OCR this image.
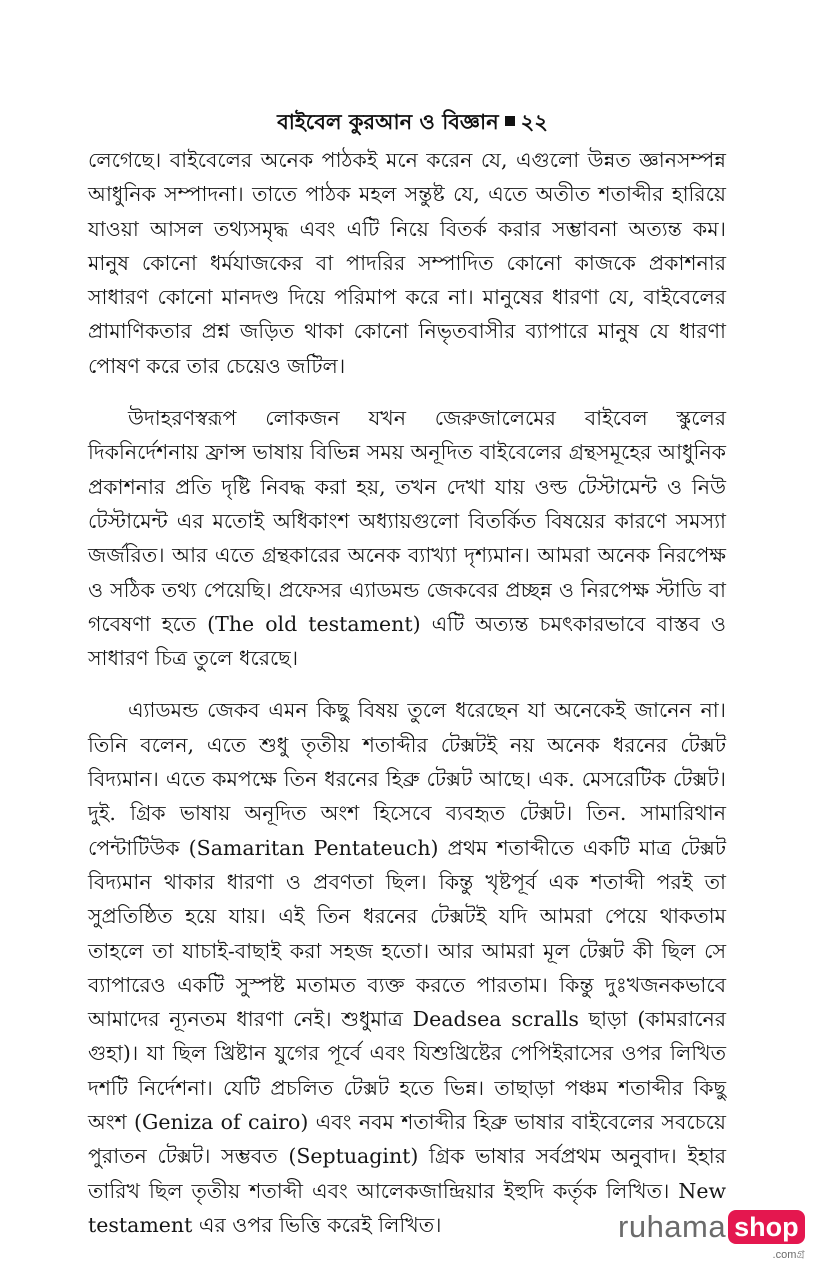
বাইবেল কুরআন ও বিজ্ঞান ২২

লেগেছে। বাইবেলের অনেক পাঠকই মনে করেন যে, এগুলো উন্নত জ্ঞানসম্পন্ন আধুনিক সম্পাদনা। তাতে পাঠক মহল সন্তুষ্ট যে, এতে অতীত শতাব্দীর হারিয়ে যাওয়া আসল তথ্যসমৃদ্ধ এবং এটি নিয়ে বিতর্ক করার সম্ভাবনা অত্যন্ত কম। মানুষ কোনো ধর্মযাজকের বা পাদরির সম্পাদিত কোনো কাজকে প্রকাশনার সাধারণ কোনো মানদণ্ড দিয়ে পরিমাপ করে না। মানুষের ধারণা যে, বাইবেলের প্রামাণিকতার প্রশ্ন জড়িত থাকা কোনো নিভৃতবাসীর ব্যাপারে মানুষ যে ধারণা পোষণ করে তার চেয়েও জটিল।

উদাহরণস্বরূপ লোকজন যখন জেরুজালেমের বাইবেল স্কুলের দিকনির্দেশনায় ফ্রান্স ভাষায় বিভিন্ন সময় অনূদিত বাইবেলের গ্রন্থসমূহের আধুনিক প্রকাশনার প্রতি দৃষ্টি নিবদ্ধ করা হয়, তখন দেখা যায় ওল্ড টেস্টামেন্ট ও নিউ টেস্টামেন্ট এর মতোই অধিকাংশ অধ্যায়গুলো বিতর্কিত বিষয়ের কারণে সমস্যা জর্জরিত। আর এতে গ্রন্থকারের অনেক ব্যাখ্যা দৃশ্যমান। আমরা অনেক নিরপেক্ষ ও সঠিক তথ্য পেয়েছি। প্রফেসর এ্যাডমন্ড জেকবের প্রচ্ছন্ন ও নিরপেক্ষ স্টাডি বা গবেষণা হতে (The old testament) এটি অত্যন্ত চমৎকারভাবে বাস্তব ও সাধারণ চিত্র তুলে ধরেছে।

এ্যাডমন্ড জেকব এমন কিছু বিষয় তুলে ধরেছেন যা অনেকেই জানেন না। তিনি বলেন, এতে শুধু তৃতীয় শতাব্দীর টেক্সটই নয় অনেক ধরনের টেক্সট বিদ্যমান। এতে কমপক্ষে তিন ধরনের হিব্রু টেক্সট আছে। এক. মেসরেটিক টেক্সট। দুই. গ্রিক ভাষায় অনূদিত অংশ হিসেবে ব্যবহৃত টেক্সট। তিন. সামারিথান পেন্টাটিউক (Samaritan Pentateuch) প্রথম শতাব্দীতে একটি মাত্র টেক্সট বিদ্যমান থাকার ধারণা ও প্রবণতা ছিল। কিন্তু খৃষ্টপূর্ব এক শতাব্দী পরই তা সুপ্রতিষ্ঠিত হয়ে যায়। এই তিন ধরনের টেক্সটই যদি আমরা পেয়ে থাকতাম তাহলে তা যাচাই-বাছাই করা সহজ হতো। আর আমরা মূল টেক্সট কী ছিল সে ব্যাপারেও একটি সুস্পষ্ট মতামত ব্যক্ত করতে পারতাম। কিন্তু দুঃখজনকভাবে আমাদের ন্যূনতম ধারণা নেই। শুধুমাত্র Deadsea scralls ছাড়া (কামরানের গুহা)। যা ছিল খ্রিষ্টান যুগের পূর্বে এবং যিশুখ্রিষ্টের পেপিইরাসের ওপর লিখিত দশটি নির্দেশনা। যেটি প্রচলিত টেক্সট হতে ভিন্ন। তাছাড়া পঞ্চম শতাব্দীর কিছু অংশ (Geniza of cairo) এবং নবম শতাব্দীর হিব্রু ভাষার বাইবেলের সবচেয়ে পুরাতন টেক্সট। সম্ভবত (Septuagint) গ্রিক ভাষার সর্বপ্রথম অনুবাদ। ইহার তারিখ ছিল তৃতীয় শতাব্দী এবং আলেকজান্দ্রিয়ার ইহুদি কর্তৃক লিখিত। New testament এর ওপর ভিত্তি করেই লিখিত।	ruhama shop
.comগ্র
